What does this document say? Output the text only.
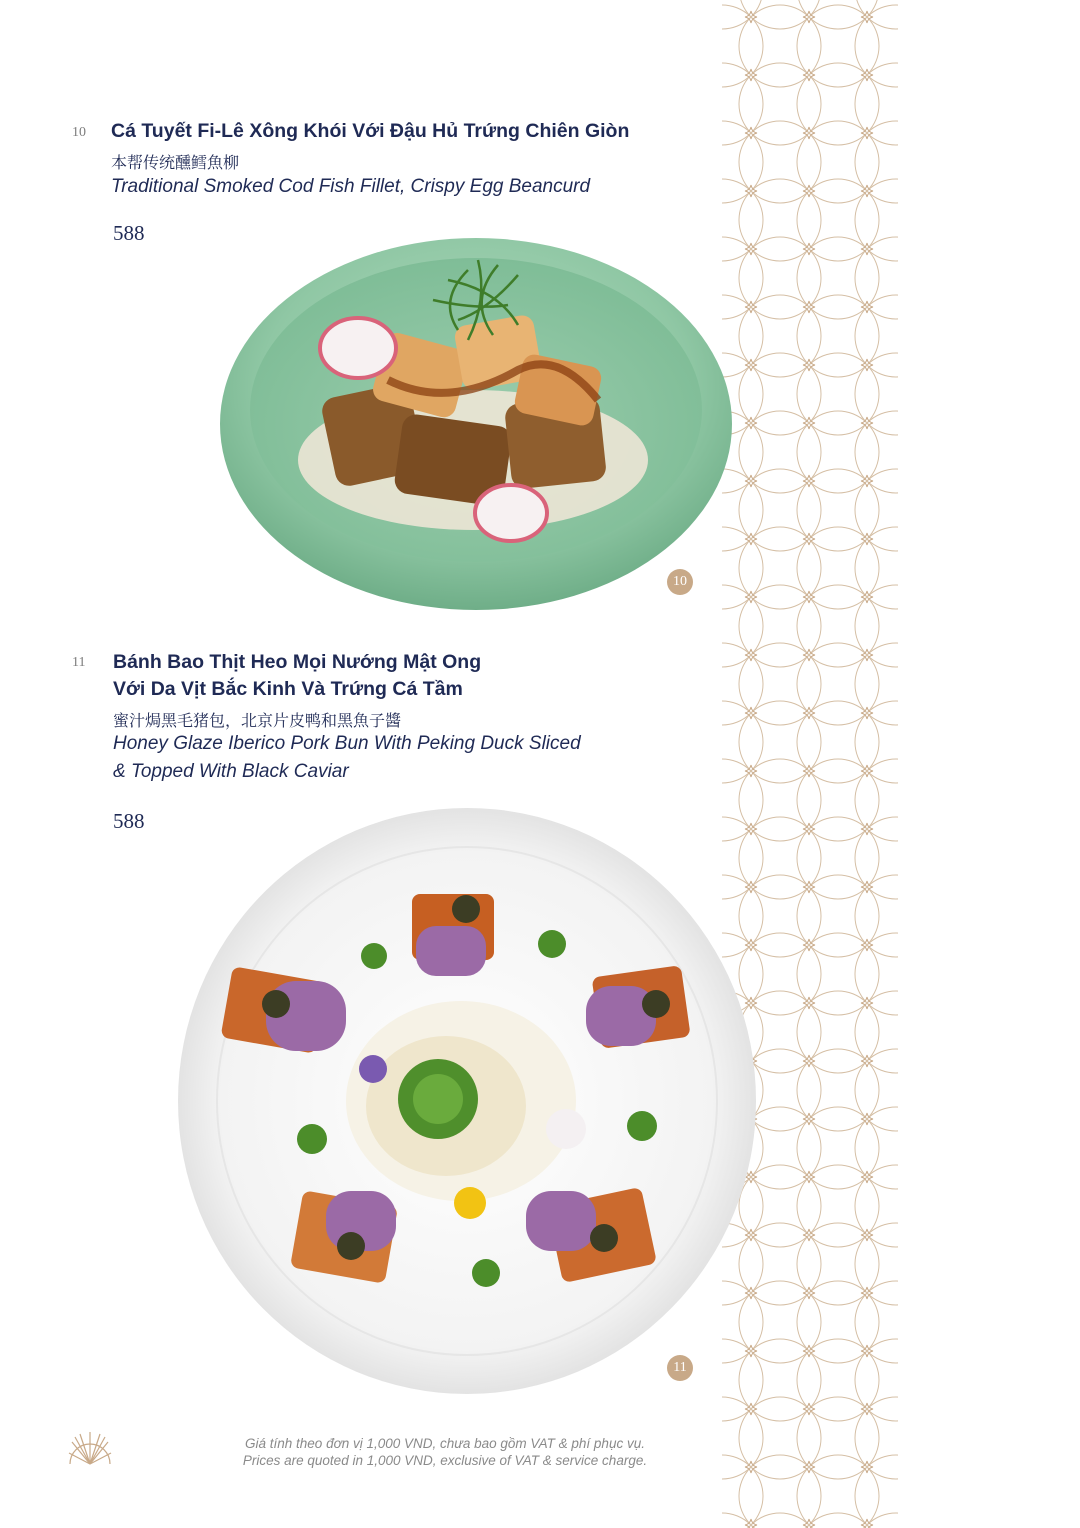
10 Cá Tuyết Fi-Lê Xông Khói Với Đậu Hủ Trứng Chiên Giòn
本帮传统醺鳕魚柳
Traditional Smoked Cod Fish Fillet, Crispy Egg Beancurd
588
10
11 Bánh Bao Thịt Heo Mọi Nướng Mật Ong
Với Da Vịt Bắc Kinh Và Trứng Cá Tầm
蜜汁焗黑毛猪包，北京片皮鸭和黑魚子醬
Honey Glaze Iberico Pork Bun With Peking Duck Sliced
& Topped With Black Caviar
588
11
Giá tính theo đơn vị 1,000 VND, chưa bao gồm VAT & phí phục vụ.
Prices are quoted in 1,000 VND, exclusive of VAT & service charge.
